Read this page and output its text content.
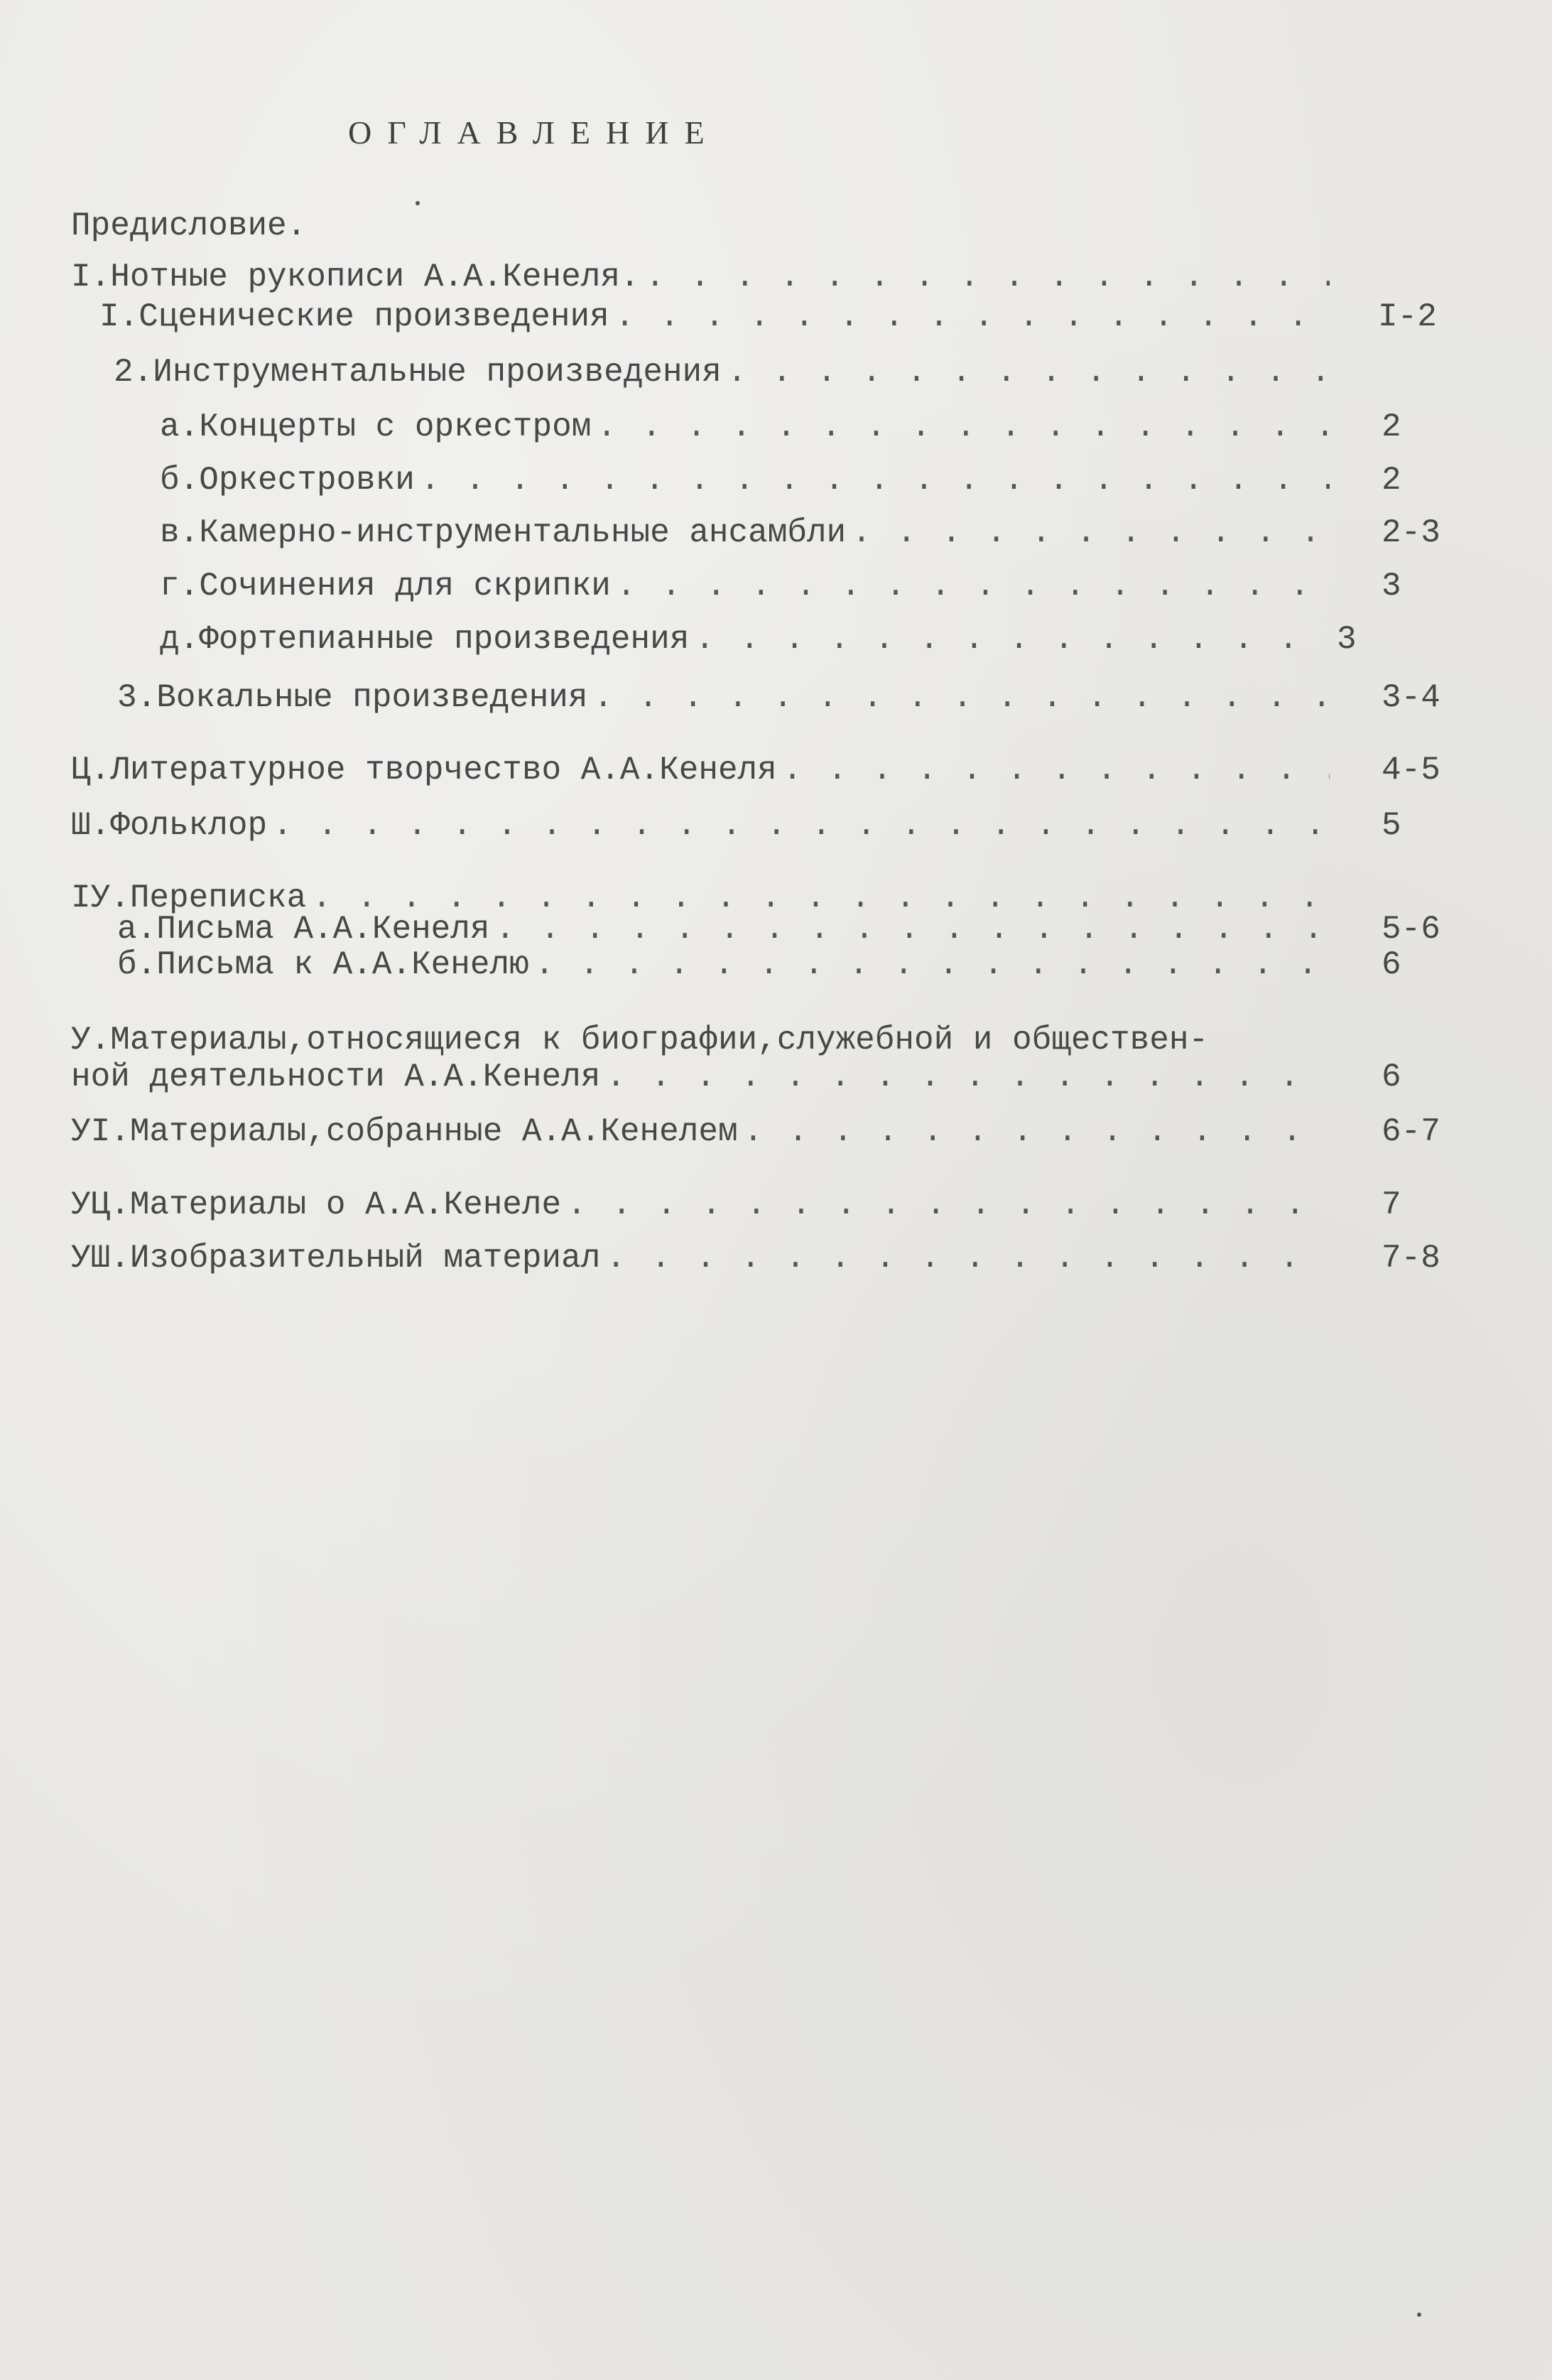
ОГЛАВЛЕНИЕ
Предисловие.
I.Нотные рукописи А.А.Кенеля.
. . .
I.Сценические произведения . . .	I-2
2.Инструментальные произведения
. . .
а.Концерты с оркестром . . .	2
б.Оркестровки . . .	2
в.Камерно-инструментальные ансамбли . . .	2-3
г.Сочинения для скрипки . . .	3
д.Фортепианные произведения . . .	3
3.Вокальные произведения . . .	3-4
Ц.Литературное творчество А.А.Кенеля . . .	4-5
Ш.Фольклор . . .	5
IУ.Переписка
. . .
а.Письма А.А.Кенеля . . .	5-6
б.Письма к А.А.Кенелю . . .	6
У.Материалы,относящиеся к биографии,служебной и обществен-
ной деятельности А.А.Кенеля . . .	6
УI.Материалы,собранные А.А.Кенелем . . .	6-7
УЦ.Материалы о А.А.Кенеле . . .	7
УШ.Изобразительный материал . . .	7-8
